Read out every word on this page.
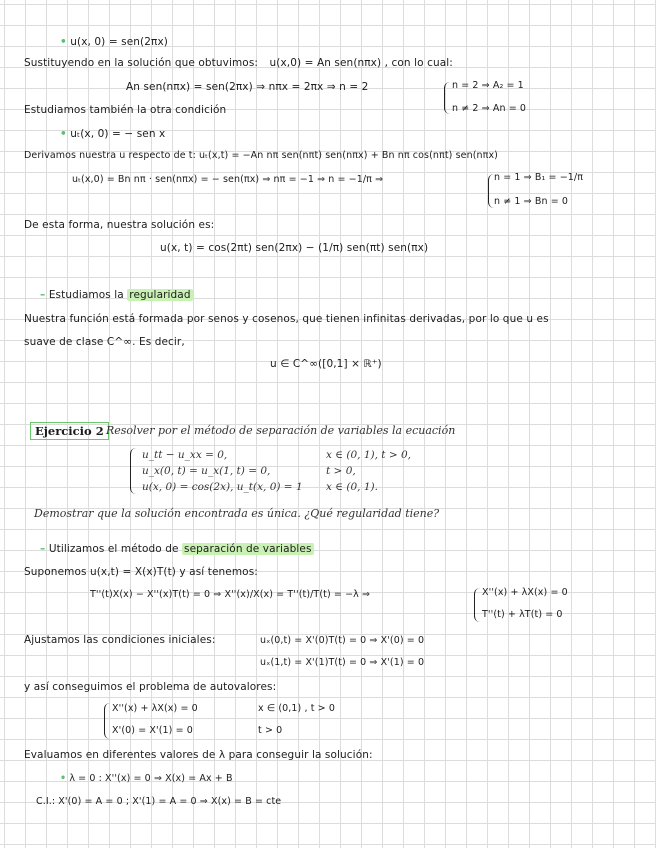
• u(x, 0) = sen(2πx)
Sustituyendo en la solución que obtuvimos: u(x,0) = An sen(nπx) , con lo cual:
An sen(nπx) = sen(2πx) ⇒ nπx = 2πx ⇒ n = 2	n = 2 ⇒ A₂ = 1
Estudiamos también la otra condición	n ≠ 2 ⇒ An = 0
• uₜ(x, 0) = − sen x
Derivamos nuestra u respecto de t: uₜ(x,t) = −An nπ sen(nπt) sen(nπx) + Bn nπ cos(nπt) sen(nπx)
uₜ(x,0) = Bn nπ · sen(nπx) = − sen(πx) ⇒ nπ = −1 ⇒ n = −1/π ⇒	n = 1 ⇒ B₁ = −1/π
n ≠ 1 ⇒ Bn = 0
De esta forma, nuestra solución es:
u(x, t) = cos(2πt) sen(2πx) − (1/π) sen(πt) sen(πx)
– Estudiamos la regularidad
Nuestra función está formada por senos y cosenos, que tienen infinitas derivadas, por lo que u es
suave de clase C^∞. Es decir,
u ∈ C^∞([0,1] × ℝ⁺)
Ejercicio 2 Resolver por el método de separación de variables la ecuación
u_tt − u_xx = 0,	x ∈ (0, 1), t > 0,
u_x(0, t) = u_x(1, t) = 0,	t > 0,
u(x, 0) = cos(2x), u_t(x, 0) = 1 x ∈ (0, 1).
Demostrar que la solución encontrada es única. ¿Qué regularidad tiene?
– Utilizamos el método de separación de variables
Suponemos u(x,t) = X(x)T(t) y así tenemos:
T''(t)X(x) − X''(x)T(t) = 0 ⇒ X''(x)/X(x) = T''(t)/T(t) = −λ ⇒	X''(x) + λX(x) = 0
T''(t) + λT(t) = 0
Ajustamos las condiciones iniciales:	uₓ(0,t) = X'(0)T(t) = 0 ⇒ X'(0) = 0
uₓ(1,t) = X'(1)T(t) = 0 ⇒ X'(1) = 0
y así conseguimos el problema de autovalores:
X''(x) + λX(x) = 0	x ∈ (0,1) , t > 0
X'(0) = X'(1) = 0	t > 0
Evaluamos en diferentes valores de λ para conseguir la solución:
• λ = 0 : X''(x) = 0 ⇒ X(x) = Ax + B
C.I.: X'(0) = A = 0 ; X'(1) = A = 0 ⇒ X(x) = B = cte
